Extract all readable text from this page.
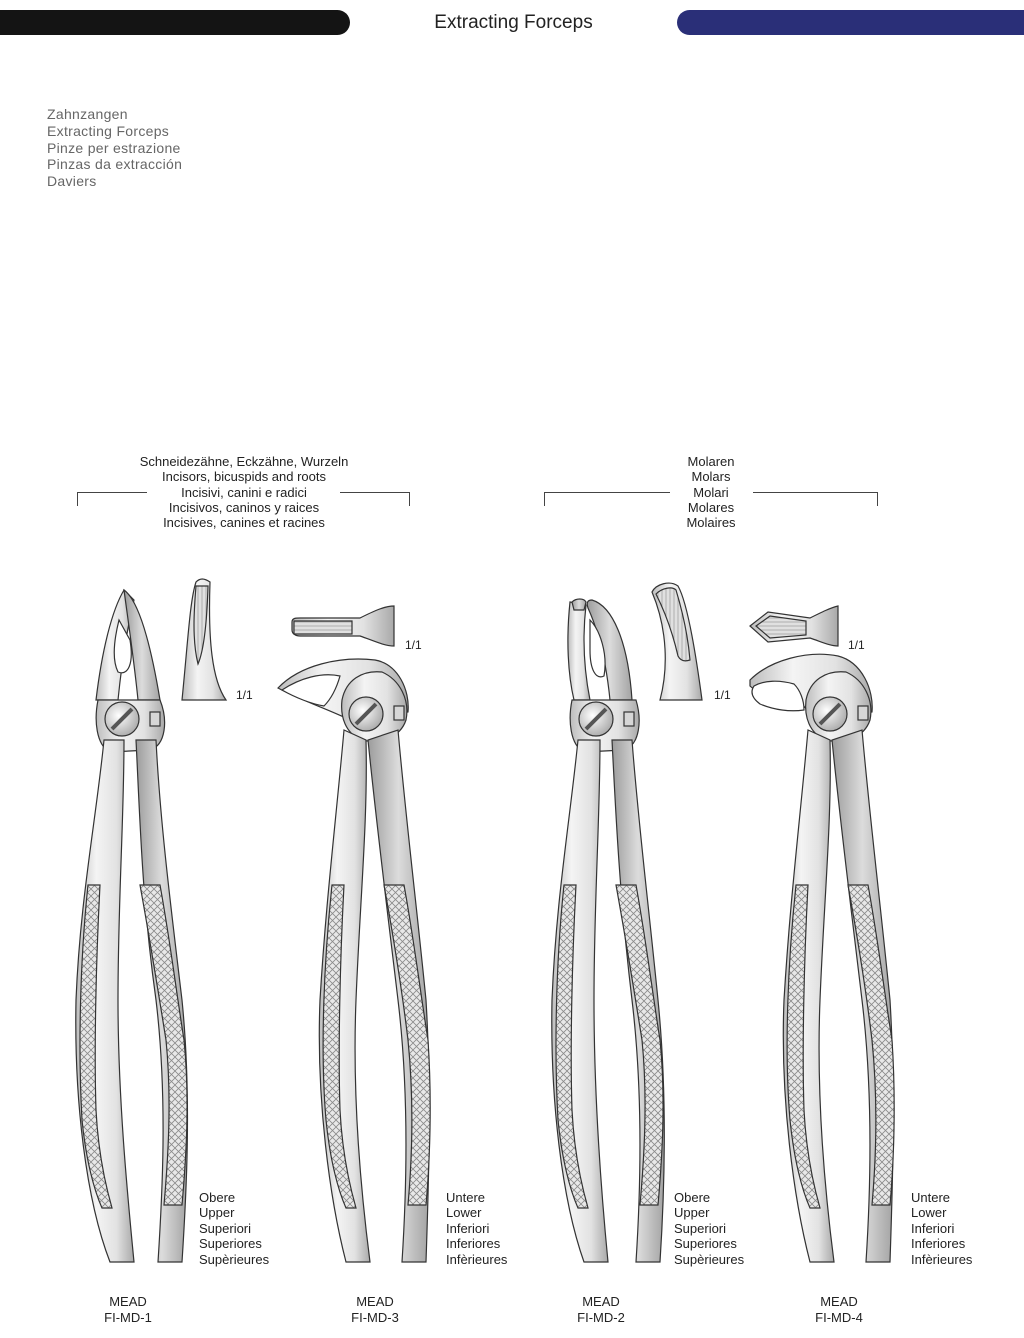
Extracting Forceps
Zahnzangen
Extracting Forceps
Pinze per estrazione
Pinzas da extracción
Daviers
Schneidezähne, Eckzähne, Wurzeln
Incisors, bicuspids and roots
Incisivi, canini e radici
Incisivos, caninos y raices
Incisives, canines et racines
Molaren
Molars
Molari
Molares
Molaires
1/1
1/1
1/1
1/1
Obere
Upper
Superiori
Superiores
Supèrieures
Untere
Lower
Inferiori
Inferiores
Infèrieures
Obere
Upper
Superiori
Superiores
Supèrieures
Untere
Lower
Inferiori
Inferiores
Infèrieures
MEAD
FI-MD-1
MEAD
FI-MD-3
MEAD
FI-MD-2
MEAD
FI-MD-4
